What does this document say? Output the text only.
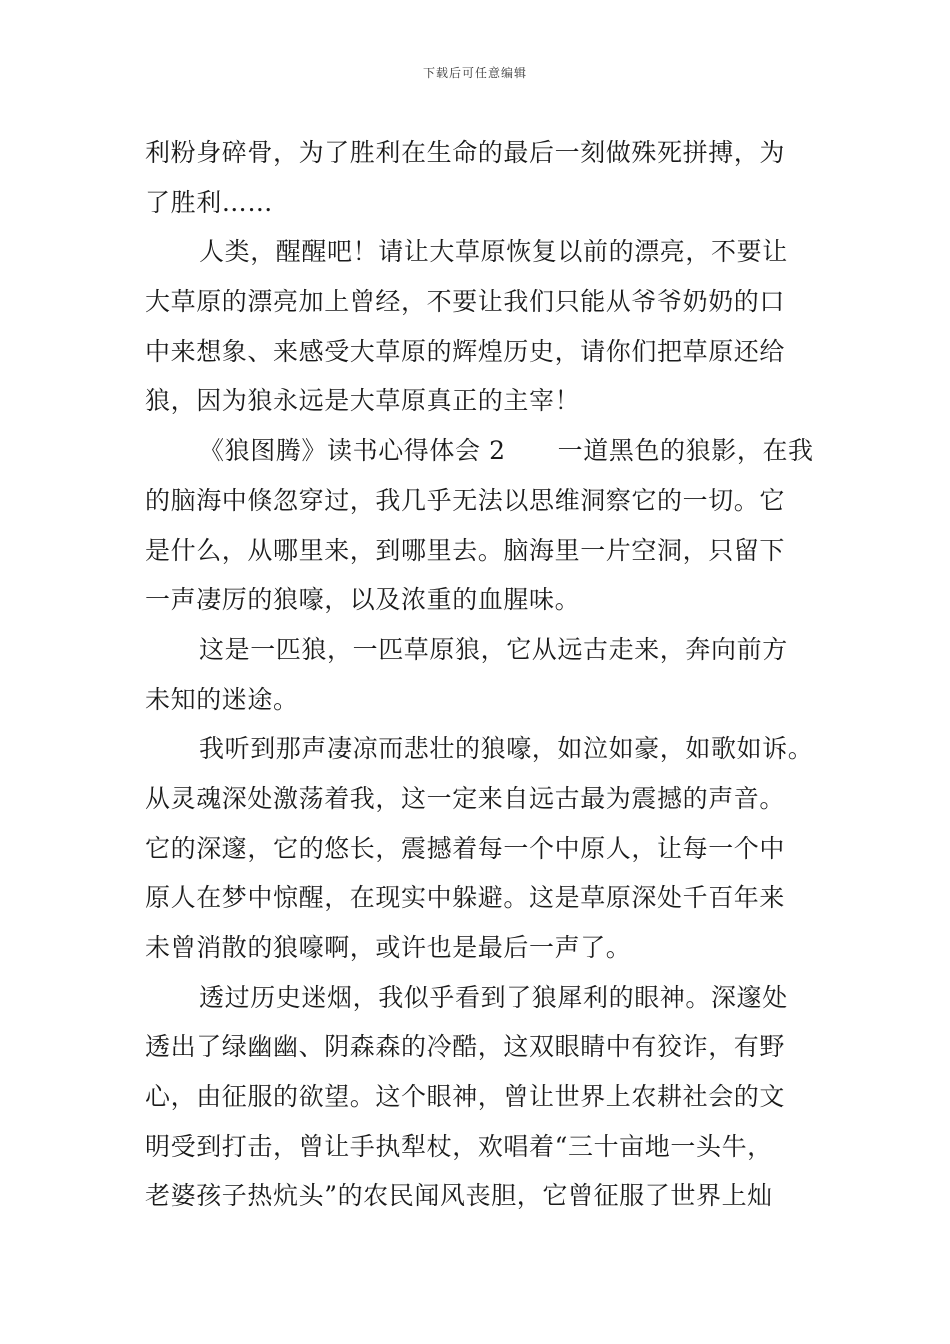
下载后可任意编辑
利粉身碎骨，为了胜利在生命的最后一刻做殊死拼搏，为
了胜利……
人类，醒醒吧！请让大草原恢复以前的漂亮，不要让
大草原的漂亮加上曾经，不要让我们只能从爷爷奶奶的口
中来想象、来感受大草原的辉煌历史，请你们把草原还给
狼，因为狼永远是大草原真正的主宰！
《狼图腾》读书心得体会 2 一道黑色的狼影，在我
的脑海中倏忽穿过，我几乎无法以思维洞察它的一切。它
是什么，从哪里来，到哪里去。脑海里一片空洞，只留下
一声凄厉的狼嚎，以及浓重的血腥味。
这是一匹狼，一匹草原狼，它从远古走来，奔向前方
未知的迷途。
我听到那声凄凉而悲壮的狼嚎，如泣如豪，如歌如诉。
从灵魂深处激荡着我，这一定来自远古最为震撼的声音。
它的深邃，它的悠长，震撼着每一个中原人，让每一个中
原人在梦中惊醒，在现实中躲避。这是草原深处千百年来
未曾消散的狼嚎啊，或许也是最后一声了。
透过历史迷烟，我似乎看到了狼犀利的眼神。深邃处
透出了绿幽幽、阴森森的冷酷，这双眼睛中有狡诈，有野
心，由征服的欲望。这个眼神，曾让世界上农耕社会的文
明受到打击，曾让手执犁杖，欢唱着“三十亩地一头牛，
老婆孩子热炕头”的农民闻风丧胆，它曾征服了世界上灿
